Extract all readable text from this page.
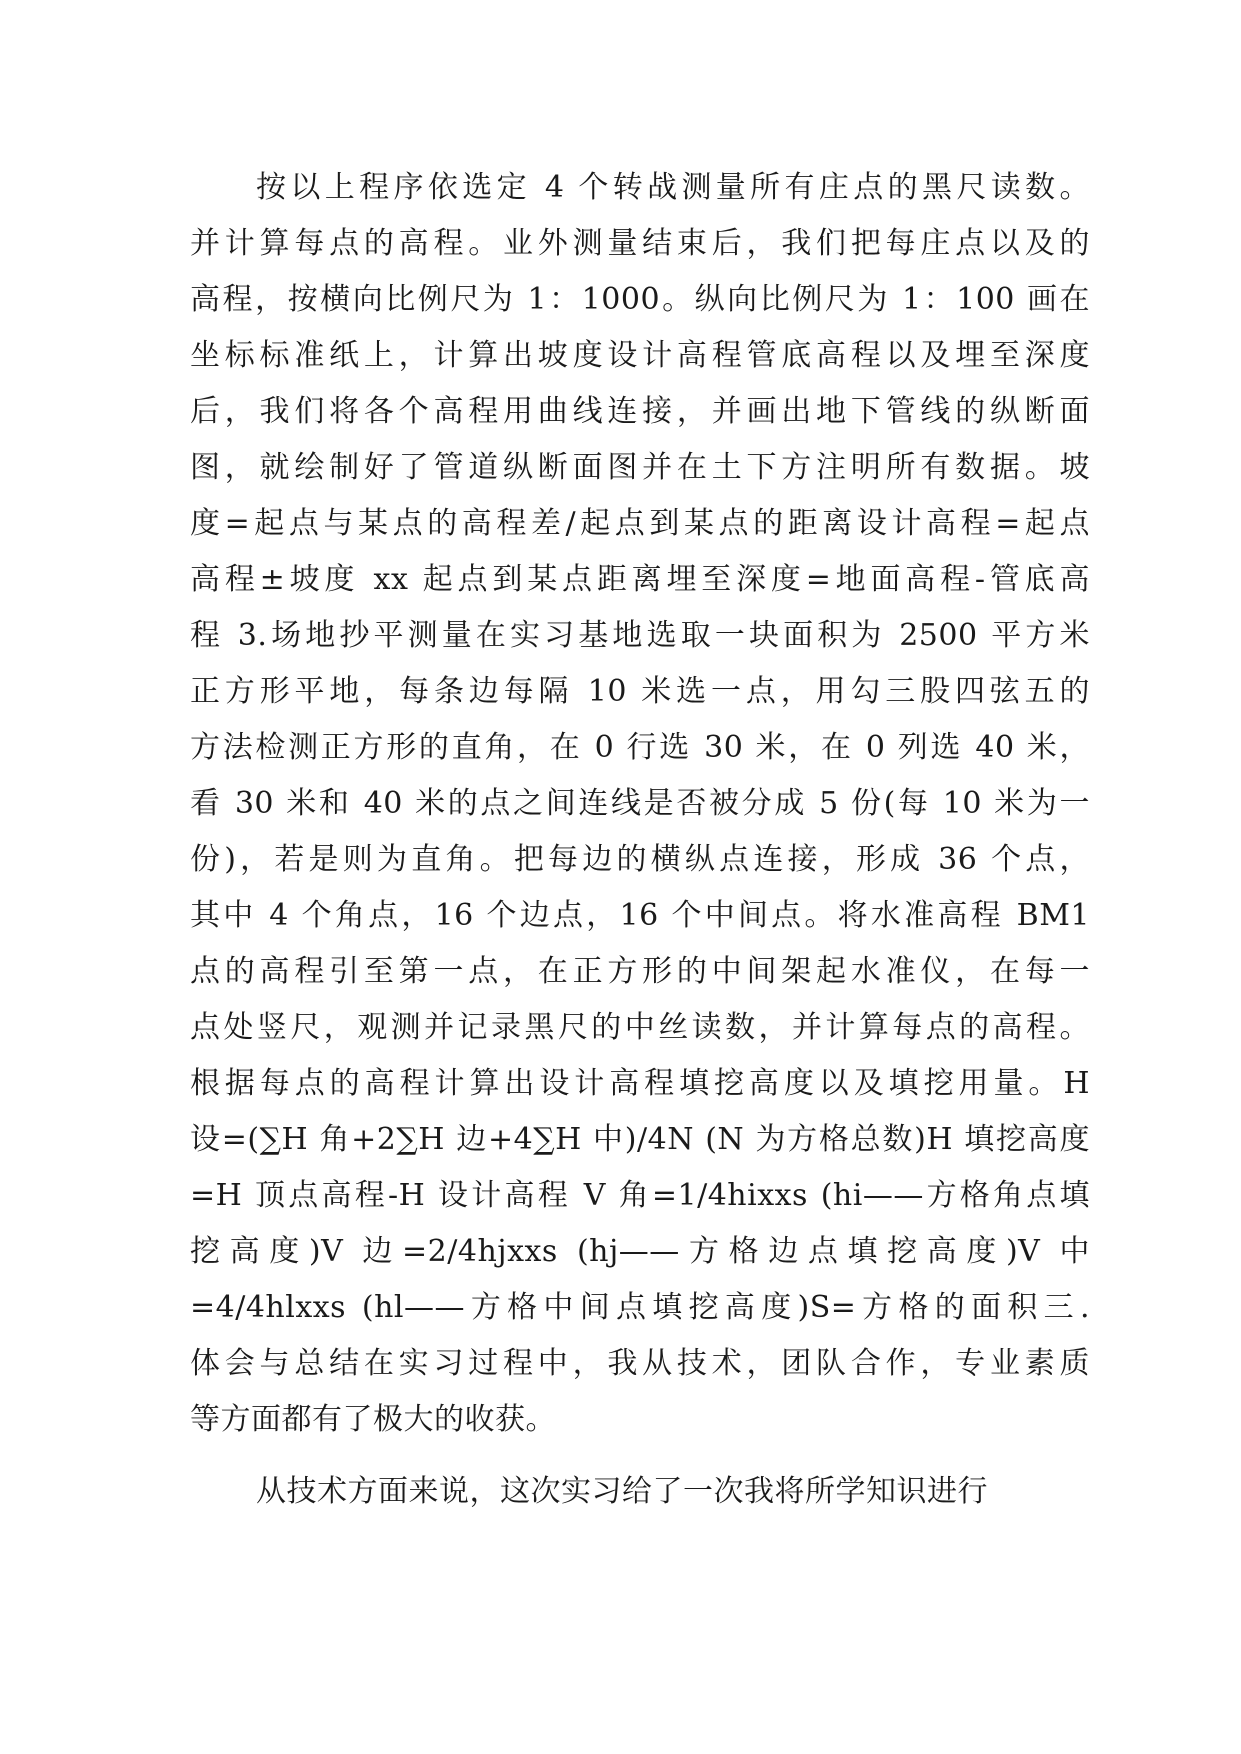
按以上程序依选定 4 个转战测量所有庄点的黑尺读数。
并计算每点的高程。业外测量结束后，我们把每庄点以及的
高程，按横向比例尺为 1：1000。纵向比例尺为 1：100 画在
坐标标准纸上，计算出坡度设计高程管底高程以及埋至深度
后，我们将各个高程用曲线连接，并画出地下管线的纵断面
图，就绘制好了管道纵断面图并在土下方注明所有数据。坡
度=起点与某点的高程差/起点到某点的距离设计高程=起点
高程±坡度 xx 起点到某点距离埋至深度=地面高程-管底高
程 3.场地抄平测量在实习基地选取一块面积为 2500 平方米
正方形平地，每条边每隔 10 米选一点，用勾三股四弦五的
方法检测正方形的直角，在 0 行选 30 米，在 0 列选 40 米，
看 30 米和 40 米的点之间连线是否被分成 5 份(每 10 米为一
份)，若是则为直角。把每边的横纵点连接，形成 36 个点，
其中 4 个角点，16 个边点，16 个中间点。将水准高程 BM1
点的高程引至第一点，在正方形的中间架起水准仪，在每一
点处竖尺，观测并记录黑尺的中丝读数，并计算每点的高程。
根据每点的高程计算出设计高程填挖高度以及填挖用量。H
设=(∑H 角+2∑H 边+4∑H 中)/4N (N 为方格总数)H 填挖高度
=H 顶点高程-H 设计高程 V 角=1/4hixxs (hi——方格角点填
挖高度)V 边=2/4hjxxs (hj——方格边点填挖高度)V 中
=4/4hlxxs (hl——方格中间点填挖高度)S=方格的面积三.
体会与总结在实习过程中，我从技术，团队合作，专业素质
等方面都有了极大的收获。
从技术方面来说，这次实习给了一次我将所学知识进行
